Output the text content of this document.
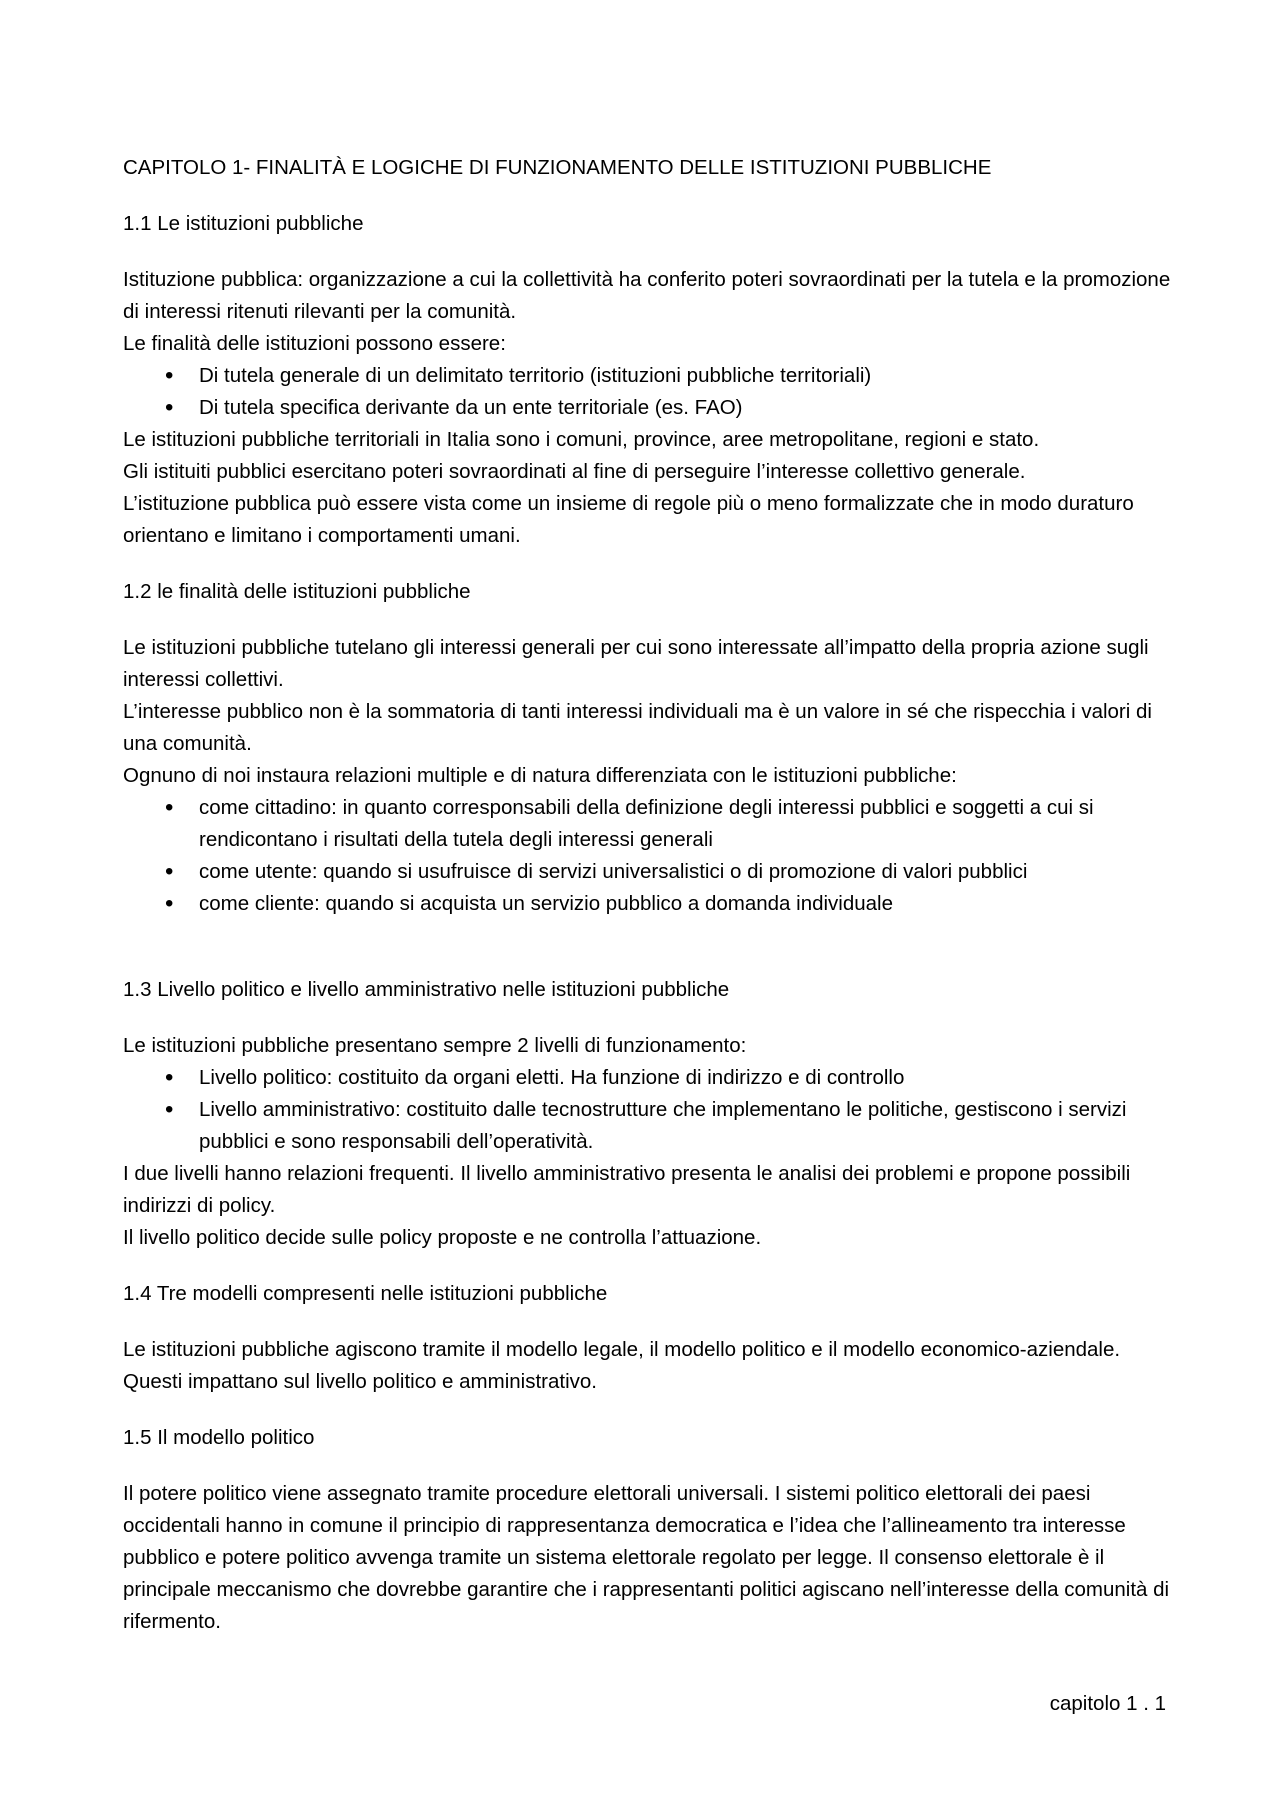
CAPITOLO 1- FINALITÀ E LOGICHE DI FUNZIONAMENTO DELLE ISTITUZIONI PUBBLICHE

1.1 Le istituzioni pubbliche

Istituzione pubblica: organizzazione a cui la collettività ha conferito poteri sovraordinati per la tutela e la promozione di interessi ritenuti rilevanti per la comunità.

Le finalità delle istituzioni possono essere:

• Di tutela generale di un delimitato territorio (istituzioni pubbliche territoriali)
• Di tutela specifica derivante da un ente territoriale (es. FAO)

Le istituzioni pubbliche territoriali in Italia sono i comuni, province, aree metropolitane, regioni e stato.

Gli istituiti pubblici esercitano poteri sovraordinati al fine di perseguire l’interesse collettivo generale.

L’istituzione pubblica può essere vista come un insieme di regole più o meno formalizzate che in modo duraturo orientano e limitano i comportamenti umani.

1.2 le finalità delle istituzioni pubbliche

Le istituzioni pubbliche tutelano gli interessi generali per cui sono interessate all’impatto della propria azione sugli interessi collettivi.

L’interesse pubblico non è la sommatoria di tanti interessi individuali ma è un valore in sé che rispecchia i valori di una comunità.

Ognuno di noi instaura relazioni multiple e di natura differenziata con le istituzioni pubbliche:

• come cittadino: in quanto corresponsabili della definizione degli interessi pubblici e soggetti a cui si rendicontano i risultati della tutela degli interessi generali
• come utente: quando si usufruisce di servizi universalistici o di promozione di valori pubblici
• come cliente: quando si acquista un servizio pubblico a domanda individuale

1.3 Livello politico e livello amministrativo nelle istituzioni pubbliche

Le istituzioni pubbliche presentano sempre 2 livelli di funzionamento:

• Livello politico: costituito da organi eletti. Ha funzione di indirizzo e di controllo
• Livello amministrativo: costituito dalle tecnostrutture che implementano le politiche, gestiscono i servizi pubblici e sono responsabili dell’operatività.

I due livelli hanno relazioni frequenti. Il livello amministrativo presenta le analisi dei problemi e propone possibili indirizzi di policy.

Il livello politico decide sulle policy proposte e ne controlla l’attuazione.

1.4 Tre modelli compresenti nelle istituzioni pubbliche

Le istituzioni pubbliche agiscono tramite il modello legale, il modello politico e il modello economico-aziendale. Questi impattano sul livello politico e amministrativo.

1.5 Il modello politico

Il potere politico viene assegnato tramite procedure elettorali universali. I sistemi politico elettorali dei paesi occidentali hanno in comune il principio di rappresentanza democratica e l’idea che l’allineamento tra interesse pubblico e potere politico avvenga tramite un sistema elettorale regolato per legge. Il consenso elettorale è il principale meccanismo che dovrebbe garantire che i rappresentanti politici agiscano nell’interesse della comunità di rifermento.

capitolo 1 . 1
